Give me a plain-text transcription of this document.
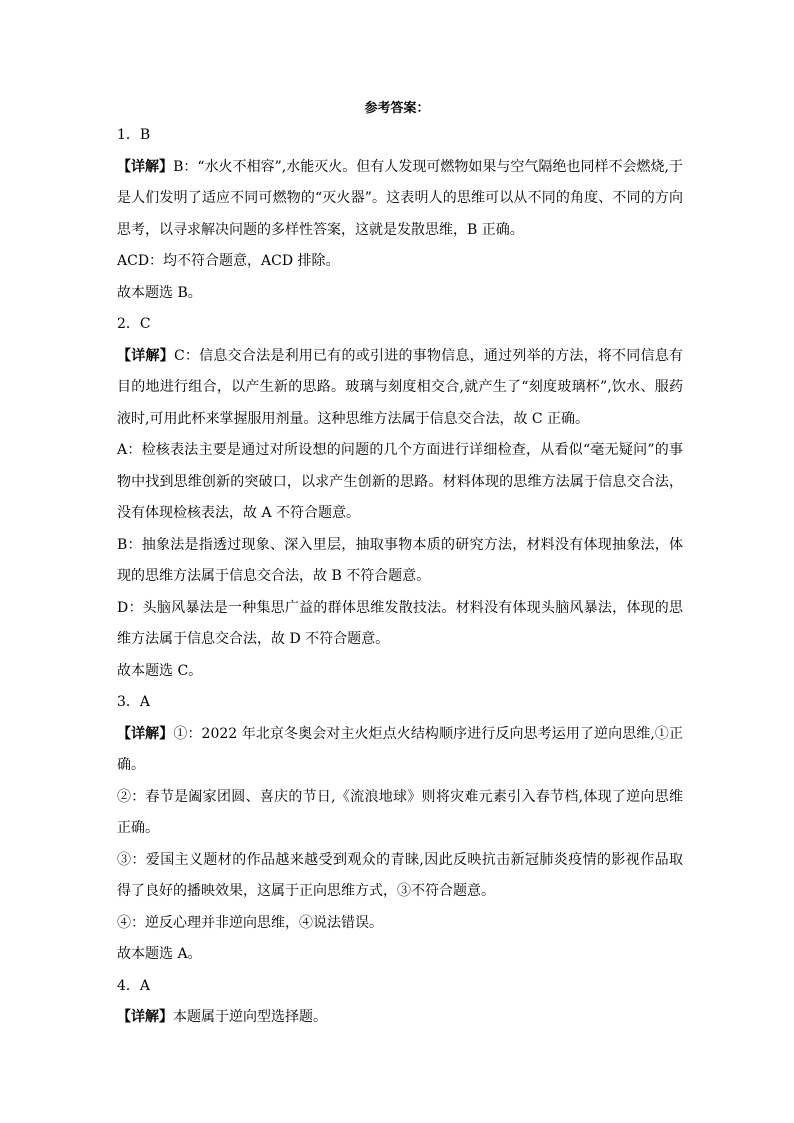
参考答案：
1．B
【详解】B：“水火不相容”,水能灭火。但有人发现可燃物如果与空气隔绝也同样不会燃烧,于
是人们发明了适应不同可燃物的“灭火器”。这表明人的思维可以从不同的角度、不同的方向
思考，以寻求解决问题的多样性答案，这就是发散思维，B 正确。
ACD：均不符合题意，ACD 排除。
故本题选 B。
2．C
【详解】C：信息交合法是利用已有的或引进的事物信息，通过列举的方法，将不同信息有
目的地进行组合，以产生新的思路。玻璃与刻度相交合,就产生了“刻度玻璃杯”,饮水、服药
液时,可用此杯来掌握服用剂量。这种思维方法属于信息交合法，故 C 正确。
A：检核表法主要是通过对所设想的问题的几个方面进行详细检查，从看似“毫无疑问”的事
物中找到思维创新的突破口，以求产生创新的思路。材料体现的思维方法属于信息交合法，
没有体现检核表法，故 A 不符合题意。
B：抽象法是指透过现象、深入里层，抽取事物本质的研究方法，材料没有体现抽象法，体
现的思维方法属于信息交合法，故 B 不符合题意。
D：头脑风暴法是一种集思广益的群体思维发散技法。材料没有体现头脑风暴法，体现的思
维方法属于信息交合法，故 D 不符合题意。
故本题选 C。
3．A
【详解】①：2022 年北京冬奥会对主火炬点火结构顺序进行反向思考运用了逆向思维,①正
确。
②：春节是阖家团圆、喜庆的节日,《流浪地球》则将灾难元素引入春节档,体现了逆向思维
正确。
③：爱国主义题材的作品越来越受到观众的青睐,因此反映抗击新冠肺炎疫情的影视作品取
得了良好的播映效果，这属于正向思维方式，③不符合题意。
④：逆反心理并非逆向思维，④说法错误。
故本题选 A。
4．A
【详解】本题属于逆向型选择题。
